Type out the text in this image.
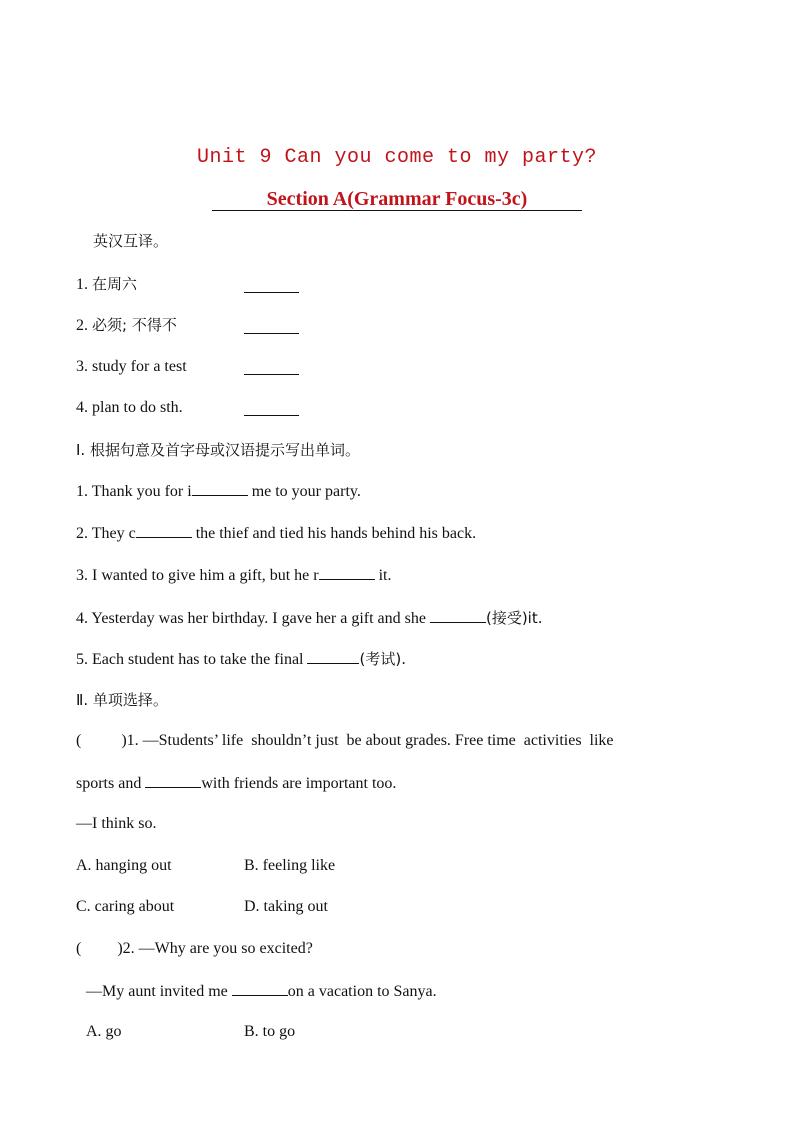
Unit 9 Can you come to my party?
Section A(Grammar Focus-3c)
英汉互译。
1. 在周六
2. 必须; 不得不
3. study for a test
4. plan to do sth.
Ⅰ. 根据句意及首字母或汉语提示写出单词。
1. Thank you for i	me to your party.
2. They c	the thief and tied his hands behind his back.
3. I wanted to give him a gift, but he r	it.
4. Yesterday was her birthday. I gave her a gift and she	(接受)it.
5. Each student has to take the final	(考试).
Ⅱ. 单项选择。
(          )1. —Students’ life  shouldn’t just  be about grades. Free time  activities  like
sports and	with friends are important too.
—I think so.
A. hanging out	B. feeling like
C. caring about	D. taking out
(         )2. —Why are you so excited?
—My aunt invited me	on a vacation to Sanya.
A. go	B. to go
